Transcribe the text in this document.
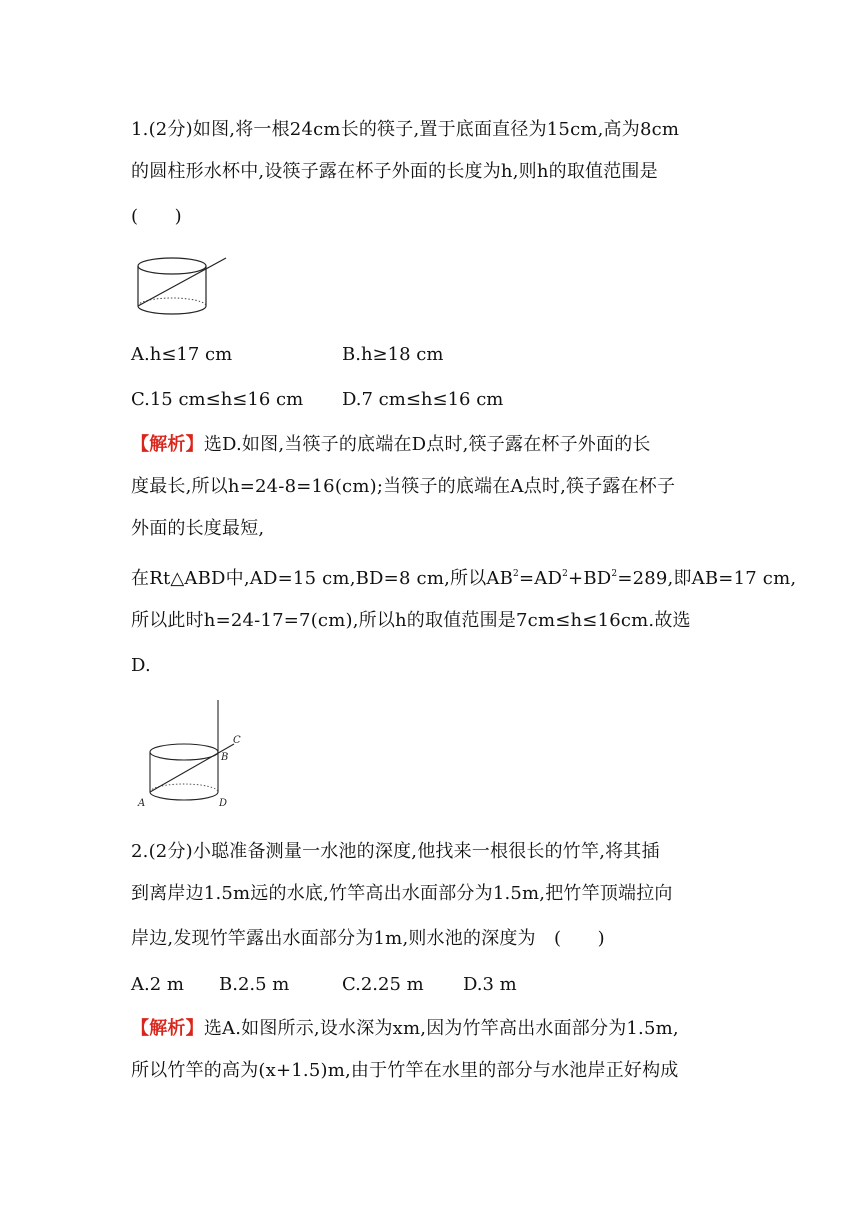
1.(2分)如图,将一根24cm长的筷子,置于底面直径为15cm,高为8cm
的圆柱形水杯中,设筷子露在杯子外面的长度为h,则h的取值范围是
(　　)
A.h≤17 cm	B.h≥18 cm
C.15 cm≤h≤16 cm D.7 cm≤h≤16 cm
【解析】选D.如图,当筷子的底端在D点时,筷子露在杯子外面的长
度最长,所以h=24-8=16(cm);当筷子的底端在A点时,筷子露在杯子
外面的长度最短,
在Rt△ABD中,AD=15 cm,BD=8 cm,所以$AB^2=AD^2+BD^2=289$,即AB=17 cm,
所以此时h=24-17=7(cm),所以h的取值范围是7cm≤h≤16cm.故选
D.
A
B
C
D
2.(2分)小聪准备测量一水池的深度,他找来一根很长的竹竿,将其插
到离岸边1.5m远的水底,竹竿高出水面部分为1.5m,把竹竿顶端拉向
岸边,发现竹竿露出水面部分为1m,则水池的深度为　(　　)
A.2 m B.2.5 m	C.2.25 m D.3 m
【解析】选A.如图所示,设水深为xm,因为竹竿高出水面部分为1.5m,
所以竹竿的高为(x+1.5)m,由于竹竿在水里的部分与水池岸正好构成
